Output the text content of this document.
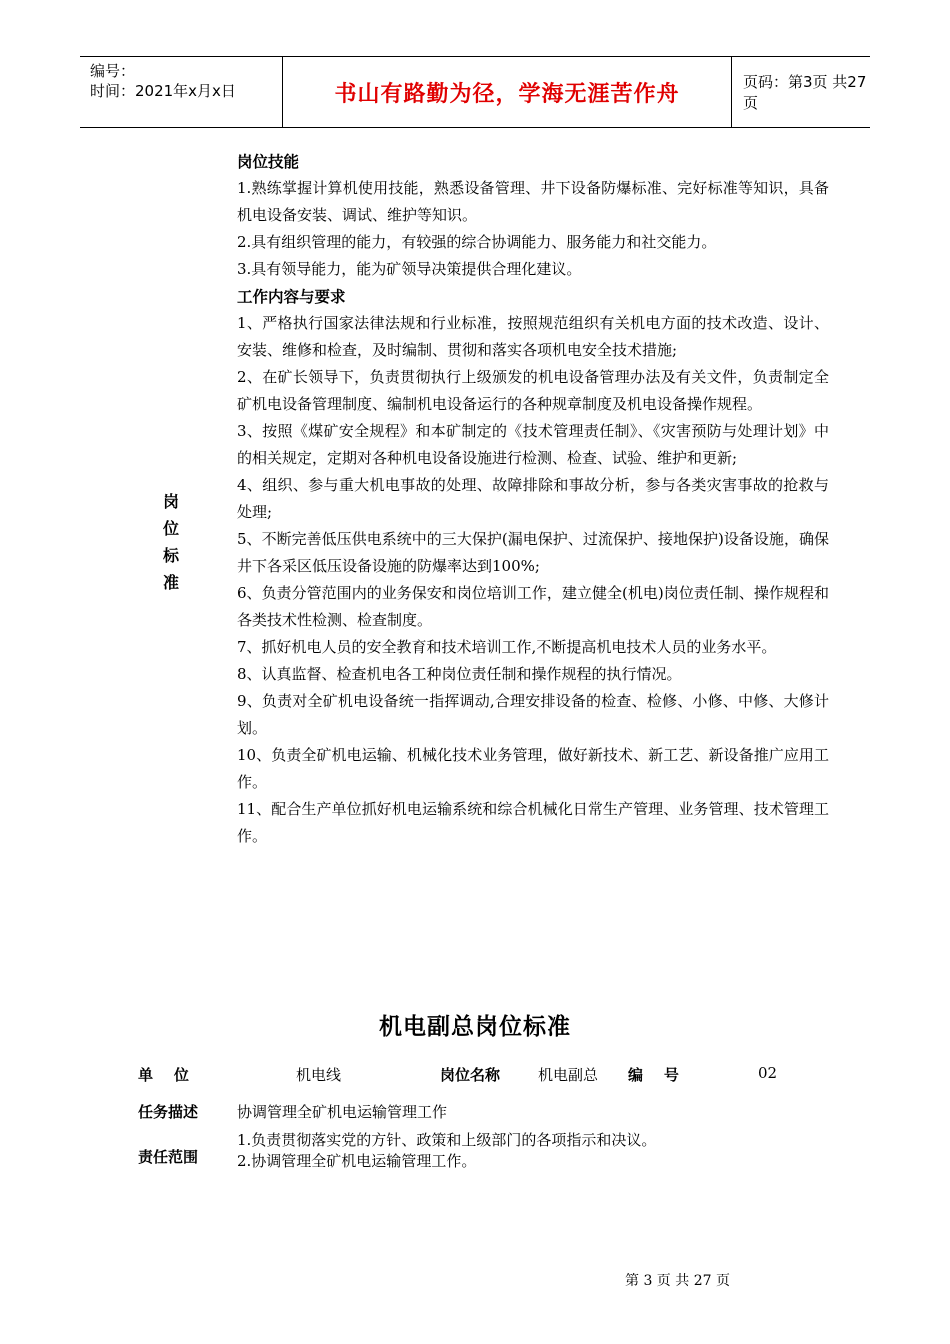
编号：
时间：2021年x月x日	书山有路勤为径，学海无涯苦作舟	页码：第3页 共27页
岗
位
标
准

岗位技能

1.熟练掌握计算机使用技能，熟悉设备管理、井下设备防爆标准、完好标准等知识，具备机电设备安装、调试、维护等知识。

2.具有组织管理的能力，有较强的综合协调能力、服务能力和社交能力。

3.具有领导能力，能为矿领导决策提供合理化建议。

工作内容与要求

1、严格执行国家法律法规和行业标准，按照规范组织有关机电方面的技术改造、设计、安装、维修和检查，及时编制、贯彻和落实各项机电安全技术措施;

2、在矿长领导下，负责贯彻执行上级颁发的机电设备管理办法及有关文件，负责制定全矿机电设备管理制度、编制机电设备运行的各种规章制度及机电设备操作规程。

3、按照《煤矿安全规程》和本矿制定的《技术管理责任制》、《灾害预防与处理计划》中的相关规定，定期对各种机电设备设施进行检测、检查、试验、维护和更新;

4、组织、参与重大机电事故的处理、故障排除和事故分析，参与各类灾害事故的抢救与处理;

5、不断完善低压供电系统中的三大保护(漏电保护、过流保护、接地保护)设备设施，确保井下各采区低压设备设施的防爆率达到100%;

6、负责分管范围内的业务保安和岗位培训工作，建立健全(机电)岗位责任制、操作规程和各类技术性检测、检查制度。

7、抓好机电人员的安全教育和技术培训工作,不断提高机电技术人员的业务水平。

8、认真监督、检查机电各工种岗位责任制和操作规程的执行情况。

9、负责对全矿机电设备统一指挥调动,合理安排设备的检查、检修、小修、中修、大修计划。

10、负责全矿机电运输、机械化技术业务管理，做好新技术、新工艺、新设备推广应用工作。

11、配合生产单位抓好机电运输系统和综合机械化日常生产管理、业务管理、技术管理工作。

机电副总岗位标准
单    位	机电线	岗位名称	机电副总 编    号	02
任务描述	协调管理全矿机电运输管理工作
责任范围
1.负责贯彻落实党的方针、政策和上级部门的各项指示和决议。
2.协调管理全矿机电运输管理工作。
第 3 页 共 27 页
